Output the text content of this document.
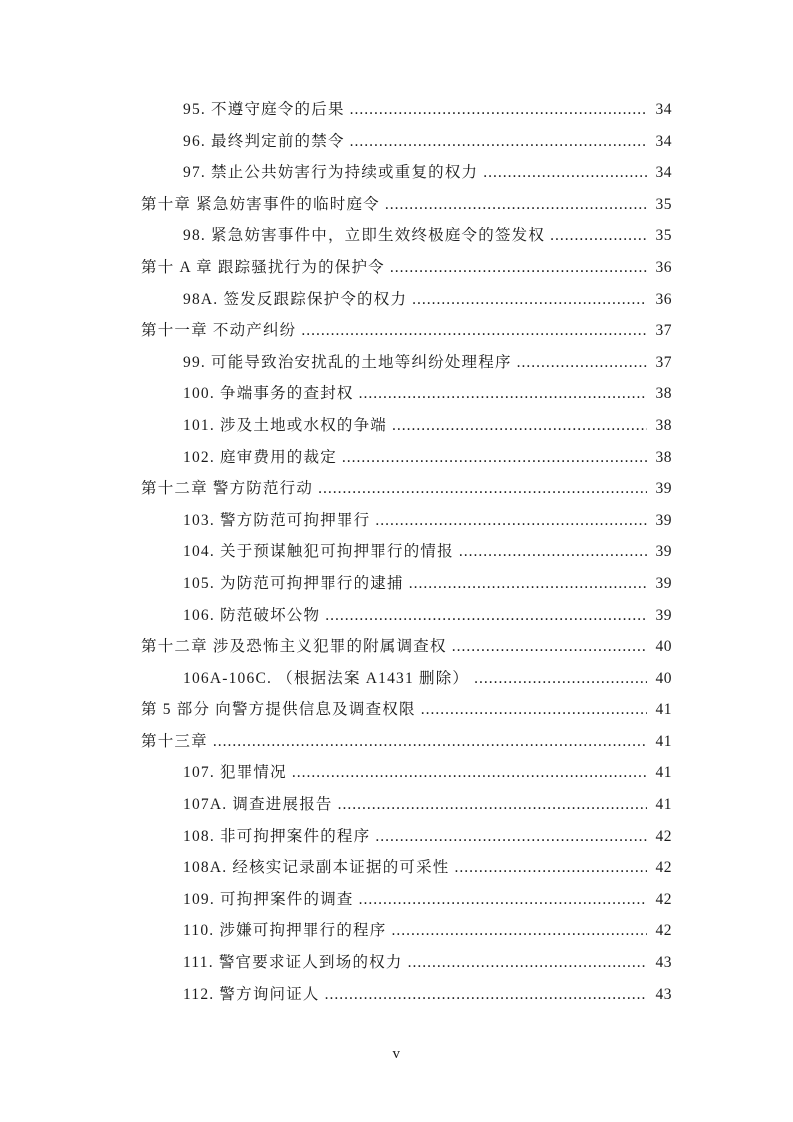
95. 不遵守庭令的后果 .....	34
96. 最终判定前的禁令 .....	34
97. 禁止公共妨害行为持续或重复的权力 .....	34
第十章 紧急妨害事件的临时庭令 .....	35
98. 紧急妨害事件中，立即生效终极庭令的签发权 .....	35
第十 A 章 跟踪骚扰行为的保护令 .....	36
98A. 签发反跟踪保护令的权力 .....	36
第十一章 不动产纠纷 .....	37
99. 可能导致治安扰乱的土地等纠纷处理程序 .....	37
100. 争端事务的查封权 .....	38
101. 涉及土地或水权的争端 .....	38
102. 庭审费用的裁定 .....	38
第十二章 警方防范行动 .....	39
103. 警方防范可拘押罪行 .....	39
104. 关于预谋触犯可拘押罪行的情报 .....	39
105. 为防范可拘押罪行的逮捕 .....	39
106. 防范破坏公物 .....	39
第十二章 涉及恐怖主义犯罪的附属调查权 .....	40
106A-106C. （根据法案 A1431 删除） .....	40
第 5 部分 向警方提供信息及调查权限 .....	41
第十三章 .....	41
107. 犯罪情况 .....	41
107A. 调查进展报告 .....	41
108. 非可拘押案件的程序 .....	42
108A. 经核实记录副本证据的可采性 .....	42
109. 可拘押案件的调查 .....	42
110. 涉嫌可拘押罪行的程序 .....	42
111. 警官要求证人到场的权力 .....	43
112. 警方询问证人 .....	43
v
